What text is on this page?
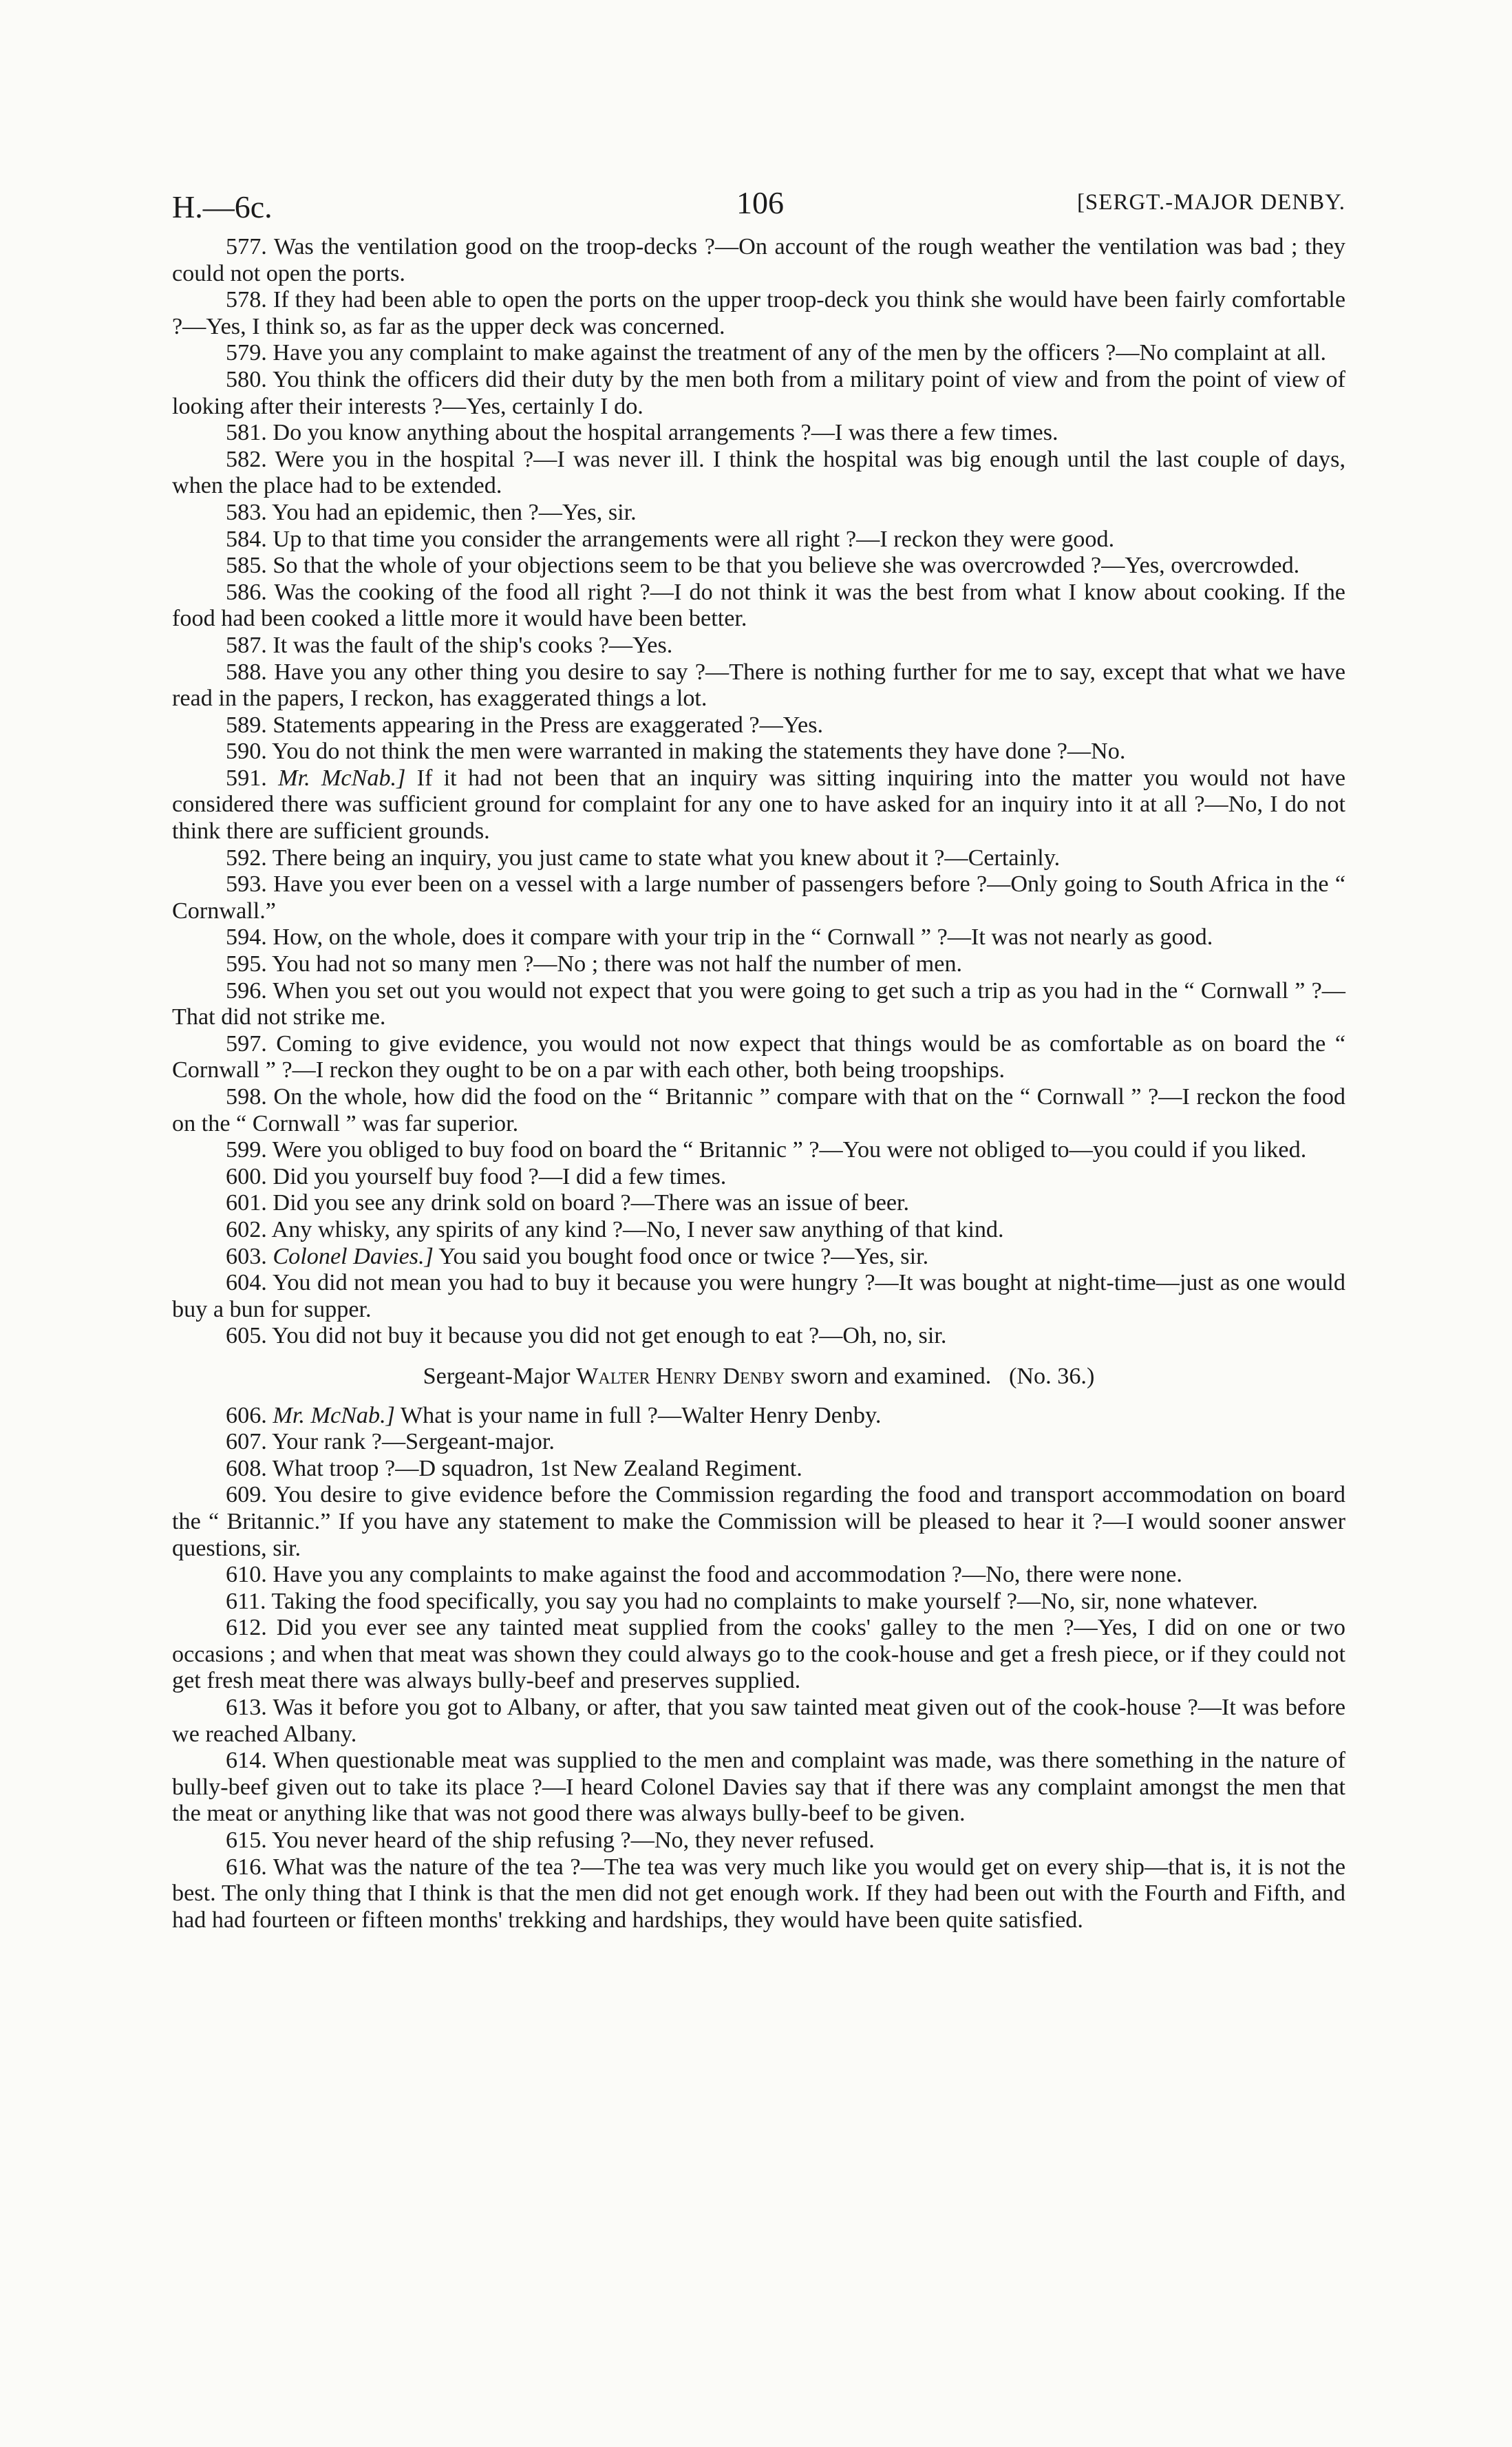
H.—6c.	106	[SERGT.-MAJOR DENBY.

577. Was the ventilation good on the troop-decks ?—On account of the rough weather the ventilation was bad ; they could not open the ports.

578. If they had been able to open the ports on the upper troop-deck you think she would have been fairly comfortable ?—Yes, I think so, as far as the upper deck was concerned.

579. Have you any complaint to make against the treatment of any of the men by the officers ?—No complaint at all.

580. You think the officers did their duty by the men both from a military point of view and from the point of view of looking after their interests ?—Yes, certainly I do.

581. Do you know anything about the hospital arrangements ?—I was there a few times.

582. Were you in the hospital ?—I was never ill. I think the hospital was big enough until the last couple of days, when the place had to be extended.

583. You had an epidemic, then ?—Yes, sir.

584. Up to that time you consider the arrangements were all right ?—I reckon they were good.

585. So that the whole of your objections seem to be that you believe she was overcrowded ?—Yes, overcrowded.

586. Was the cooking of the food all right ?—I do not think it was the best from what I know about cooking. If the food had been cooked a little more it would have been better.

587. It was the fault of the ship's cooks ?—Yes.

588. Have you any other thing you desire to say ?—There is nothing further for me to say, except that what we have read in the papers, I reckon, has exaggerated things a lot.

589. Statements appearing in the Press are exaggerated ?—Yes.

590. You do not think the men were warranted in making the statements they have done ?—No.

591. Mr. McNab.] If it had not been that an inquiry was sitting inquiring into the matter you would not have considered there was sufficient ground for complaint for any one to have asked for an inquiry into it at all ?—No, I do not think there are sufficient grounds.

592. There being an inquiry, you just came to state what you knew about it ?—Certainly.

593. Have you ever been on a vessel with a large number of passengers before ?—Only going to South Africa in the “ Cornwall.”

594. How, on the whole, does it compare with your trip in the “ Cornwall ” ?—It was not nearly as good.

595. You had not so many men ?—No ; there was not half the number of men.

596. When you set out you would not expect that you were going to get such a trip as you had in the “ Cornwall ” ?—That did not strike me.

597. Coming to give evidence, you would not now expect that things would be as comfortable as on board the “ Cornwall ” ?—I reckon they ought to be on a par with each other, both being troopships.

598. On the whole, how did the food on the “ Britannic ” compare with that on the “ Cornwall ” ?—I reckon the food on the “ Cornwall ” was far superior.

599. Were you obliged to buy food on board the “ Britannic ” ?—You were not obliged to—you could if you liked.

600. Did you yourself buy food ?—I did a few times.

601. Did you see any drink sold on board ?—There was an issue of beer.

602. Any whisky, any spirits of any kind ?—No, I never saw anything of that kind.

603. Colonel Davies.] You said you bought food once or twice ?—Yes, sir.

604. You did not mean you had to buy it because you were hungry ?—It was bought at night-time—just as one would buy a bun for supper.

605. You did not buy it because you did not get enough to eat ?—Oh, no, sir.

Sergeant-Major Walter Henry Denby sworn and examined. (No. 36.)

606. Mr. McNab.] What is your name in full ?—Walter Henry Denby.

607. Your rank ?—Sergeant-major.

608. What troop ?—D squadron, 1st New Zealand Regiment.

609. You desire to give evidence before the Commission regarding the food and transport accommodation on board the “ Britannic.” If you have any statement to make the Commission will be pleased to hear it ?—I would sooner answer questions, sir.

610. Have you any complaints to make against the food and accommodation ?—No, there were none.

611. Taking the food specifically, you say you had no complaints to make yourself ?—No, sir, none whatever.

612. Did you ever see any tainted meat supplied from the cooks' galley to the men ?—Yes, I did on one or two occasions ; and when that meat was shown they could always go to the cook-house and get a fresh piece, or if they could not get fresh meat there was always bully-beef and preserves supplied.

613. Was it before you got to Albany, or after, that you saw tainted meat given out of the cook-house ?—It was before we reached Albany.

614. When questionable meat was supplied to the men and complaint was made, was there something in the nature of bully-beef given out to take its place ?—I heard Colonel Davies say that if there was any complaint amongst the men that the meat or anything like that was not good there was always bully-beef to be given.

615. You never heard of the ship refusing ?—No, they never refused.

616. What was the nature of the tea ?—The tea was very much like you would get on every ship—that is, it is not the best. The only thing that I think is that the men did not get enough work. If they had been out with the Fourth and Fifth, and had had fourteen or fifteen months' trekking and hardships, they would have been quite satisfied.
